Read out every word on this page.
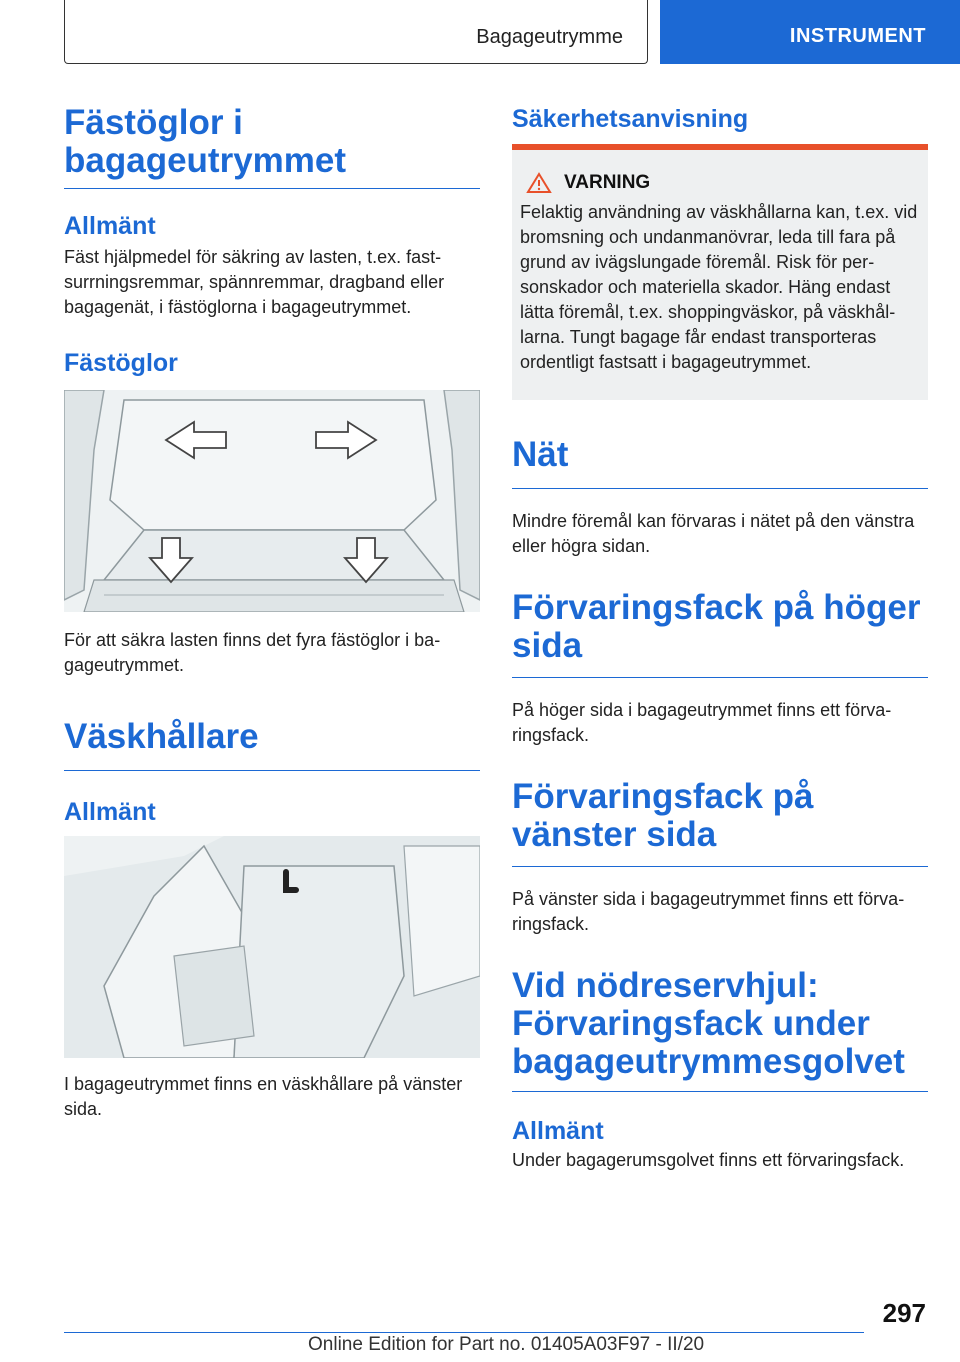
Bagageutrymme	INSTRUMENT
Fästöglor i bagageutrymmet
Allmänt

Fäst hjälpmedel för säkring av lasten, t.ex. fastsurrningsremmar, spännremmar, dragband eller bagagenät, i fästöglorna i bagageutrymmet.

Fästöglor

För att säkra lasten finns det fyra fästöglor i bagageutrymmet.

Väskhållare
Allmänt

I bagageutrymmet finns en väskhållare på vänster sida.

Säkerhetsanvisning
VARNING

Felaktig användning av väskhållarna kan, t.ex. vid bromsning och undanmanövrar, leda till fara på grund av ivägslungade föremål. Risk för personskador och materiella skador. Häng endast lätta föremål, t.ex. shoppingväskor, på väskhållarna. Tungt bagage får endast transporteras ordentligt fastsatt i bagageutrymmet.

Nät

Mindre föremål kan förvaras i nätet på den vänstra eller högra sidan.

Förvaringsfack på höger sida

På höger sida i bagageutrymmet finns ett förvaringsfack.

Förvaringsfack på vänster sida

På vänster sida i bagageutrymmet finns ett förvaringsfack.

Vid nödreservhjul: Förvaringsfack under bagageutrymmesgolvet
Allmänt

Under bagagerumsgolvet finns ett förvaringsfack.

297
Online Edition for Part no. 01405A03F97 - II/20
